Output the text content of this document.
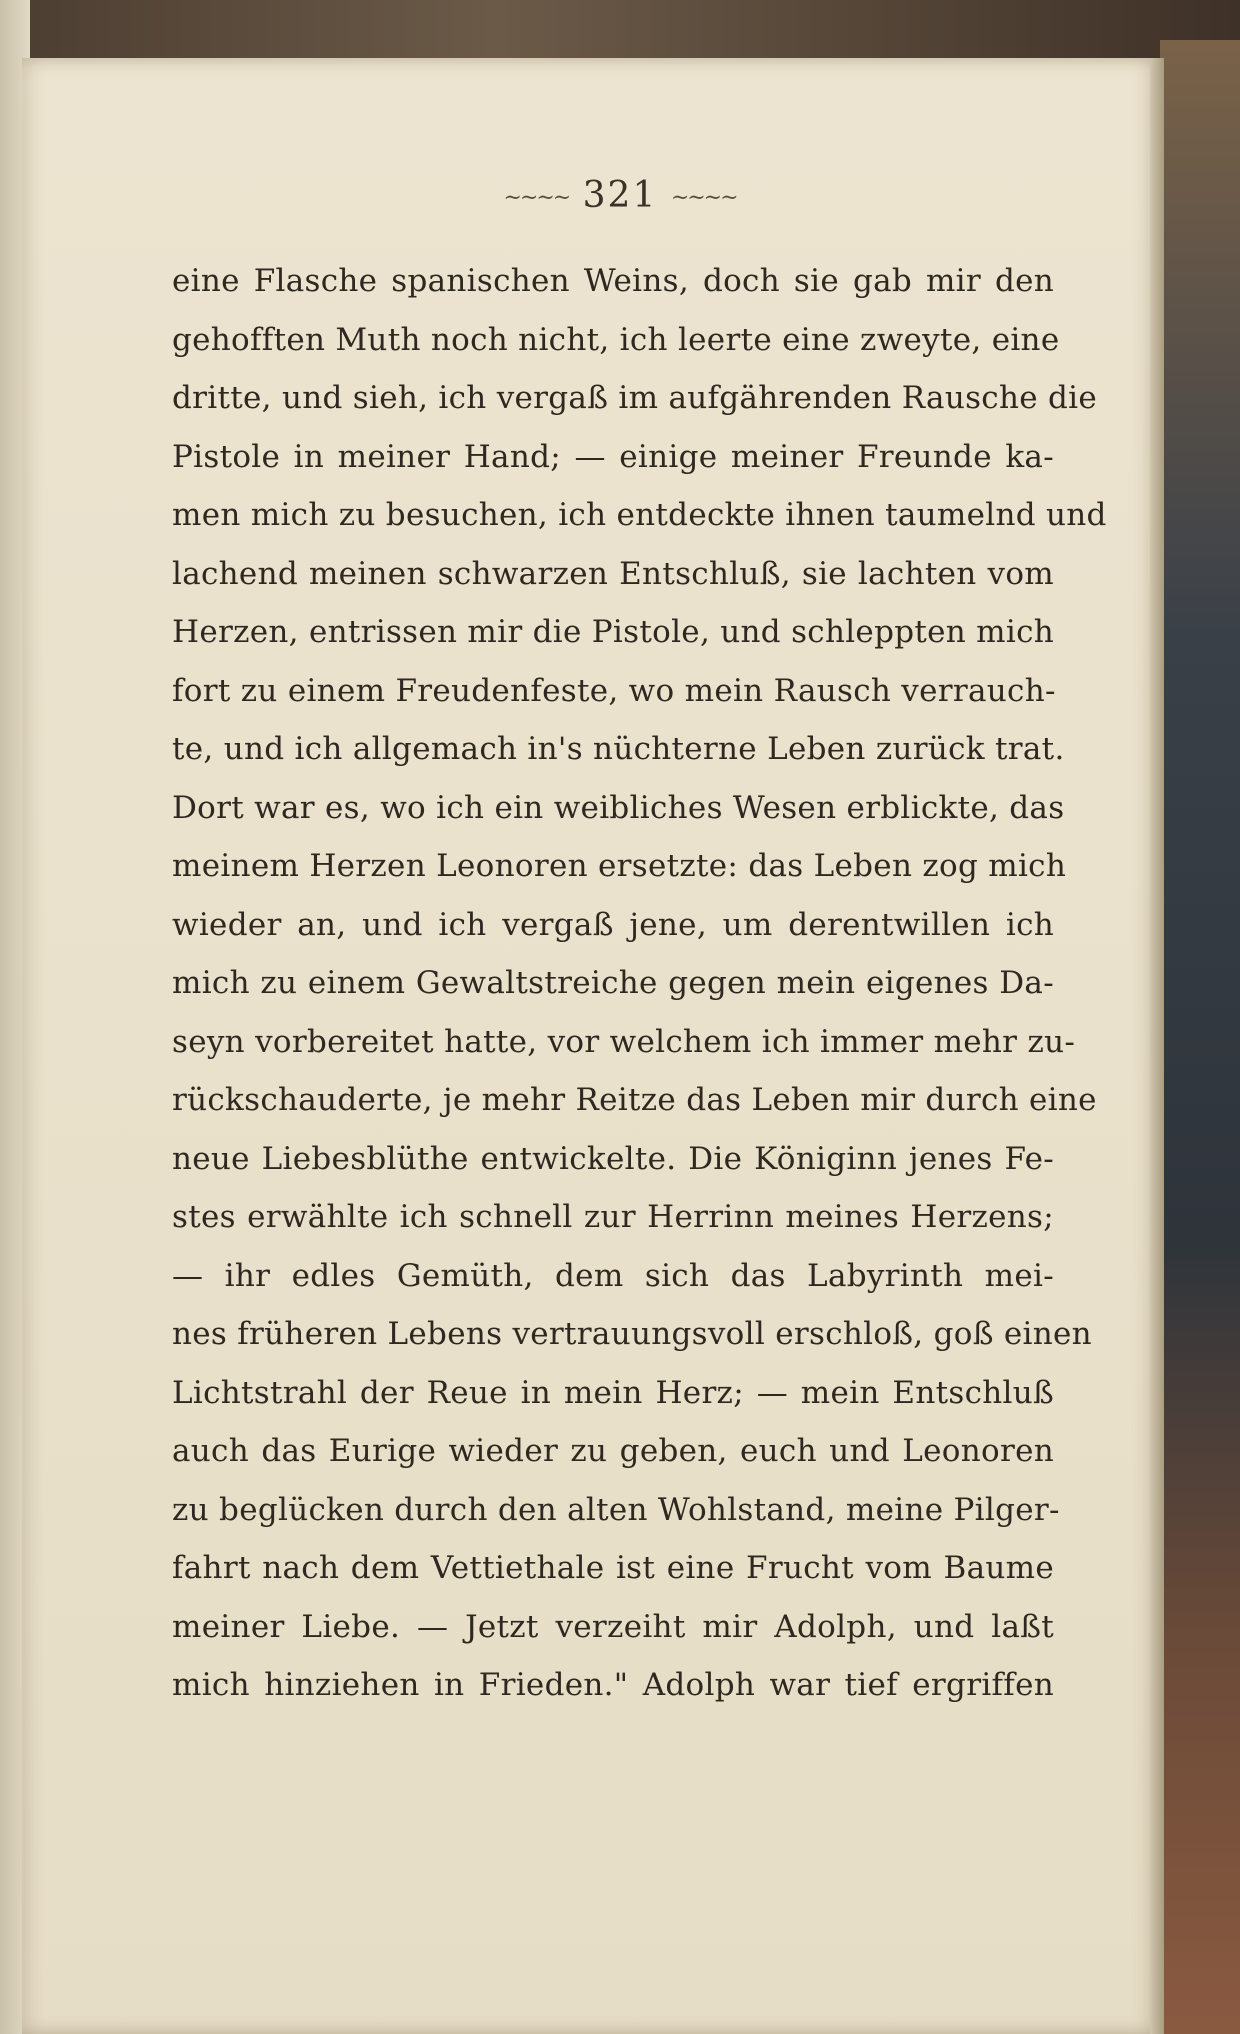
~~~~ 321 ~~~~
eine Flasche spanischen Weins, doch sie gab mir den
gehofften Muth noch nicht, ich leerte eine zweyte, eine
dritte, und sieh, ich vergaß im aufgährenden Rausche die
Pistole in meiner Hand; — einige meiner Freunde ka-
men mich zu besuchen, ich entdeckte ihnen taumelnd und
lachend meinen schwarzen Entschluß, sie lachten vom
Herzen, entrissen mir die Pistole, und schleppten mich
fort zu einem Freudenfeste, wo mein Rausch verrauch-
te, und ich allgemach in's nüchterne Leben zurück trat.
Dort war es, wo ich ein weibliches Wesen erblickte, das
meinem Herzen Leonoren ersetzte: das Leben zog mich
wieder an, und ich vergaß jene, um derentwillen ich
mich zu einem Gewaltstreiche gegen mein eigenes Da-
seyn vorbereitet hatte, vor welchem ich immer mehr zu-
rückschauderte, je mehr Reitze das Leben mir durch eine
neue Liebesblüthe entwickelte. Die Königinn jenes Fe-
stes erwählte ich schnell zur Herrinn meines Herzens;
— ihr edles Gemüth, dem sich das Labyrinth mei-
nes früheren Lebens vertrauungsvoll erschloß, goß einen
Lichtstrahl der Reue in mein Herz; — mein Entschluß
auch das Eurige wieder zu geben, euch und Leonoren
zu beglücken durch den alten Wohlstand, meine Pilger-
fahrt nach dem Vettiethale ist eine Frucht vom Baume
meiner Liebe. — Jetzt verzeiht mir Adolph, und laßt
mich hinziehen in Frieden." Adolph war tief ergriffen
